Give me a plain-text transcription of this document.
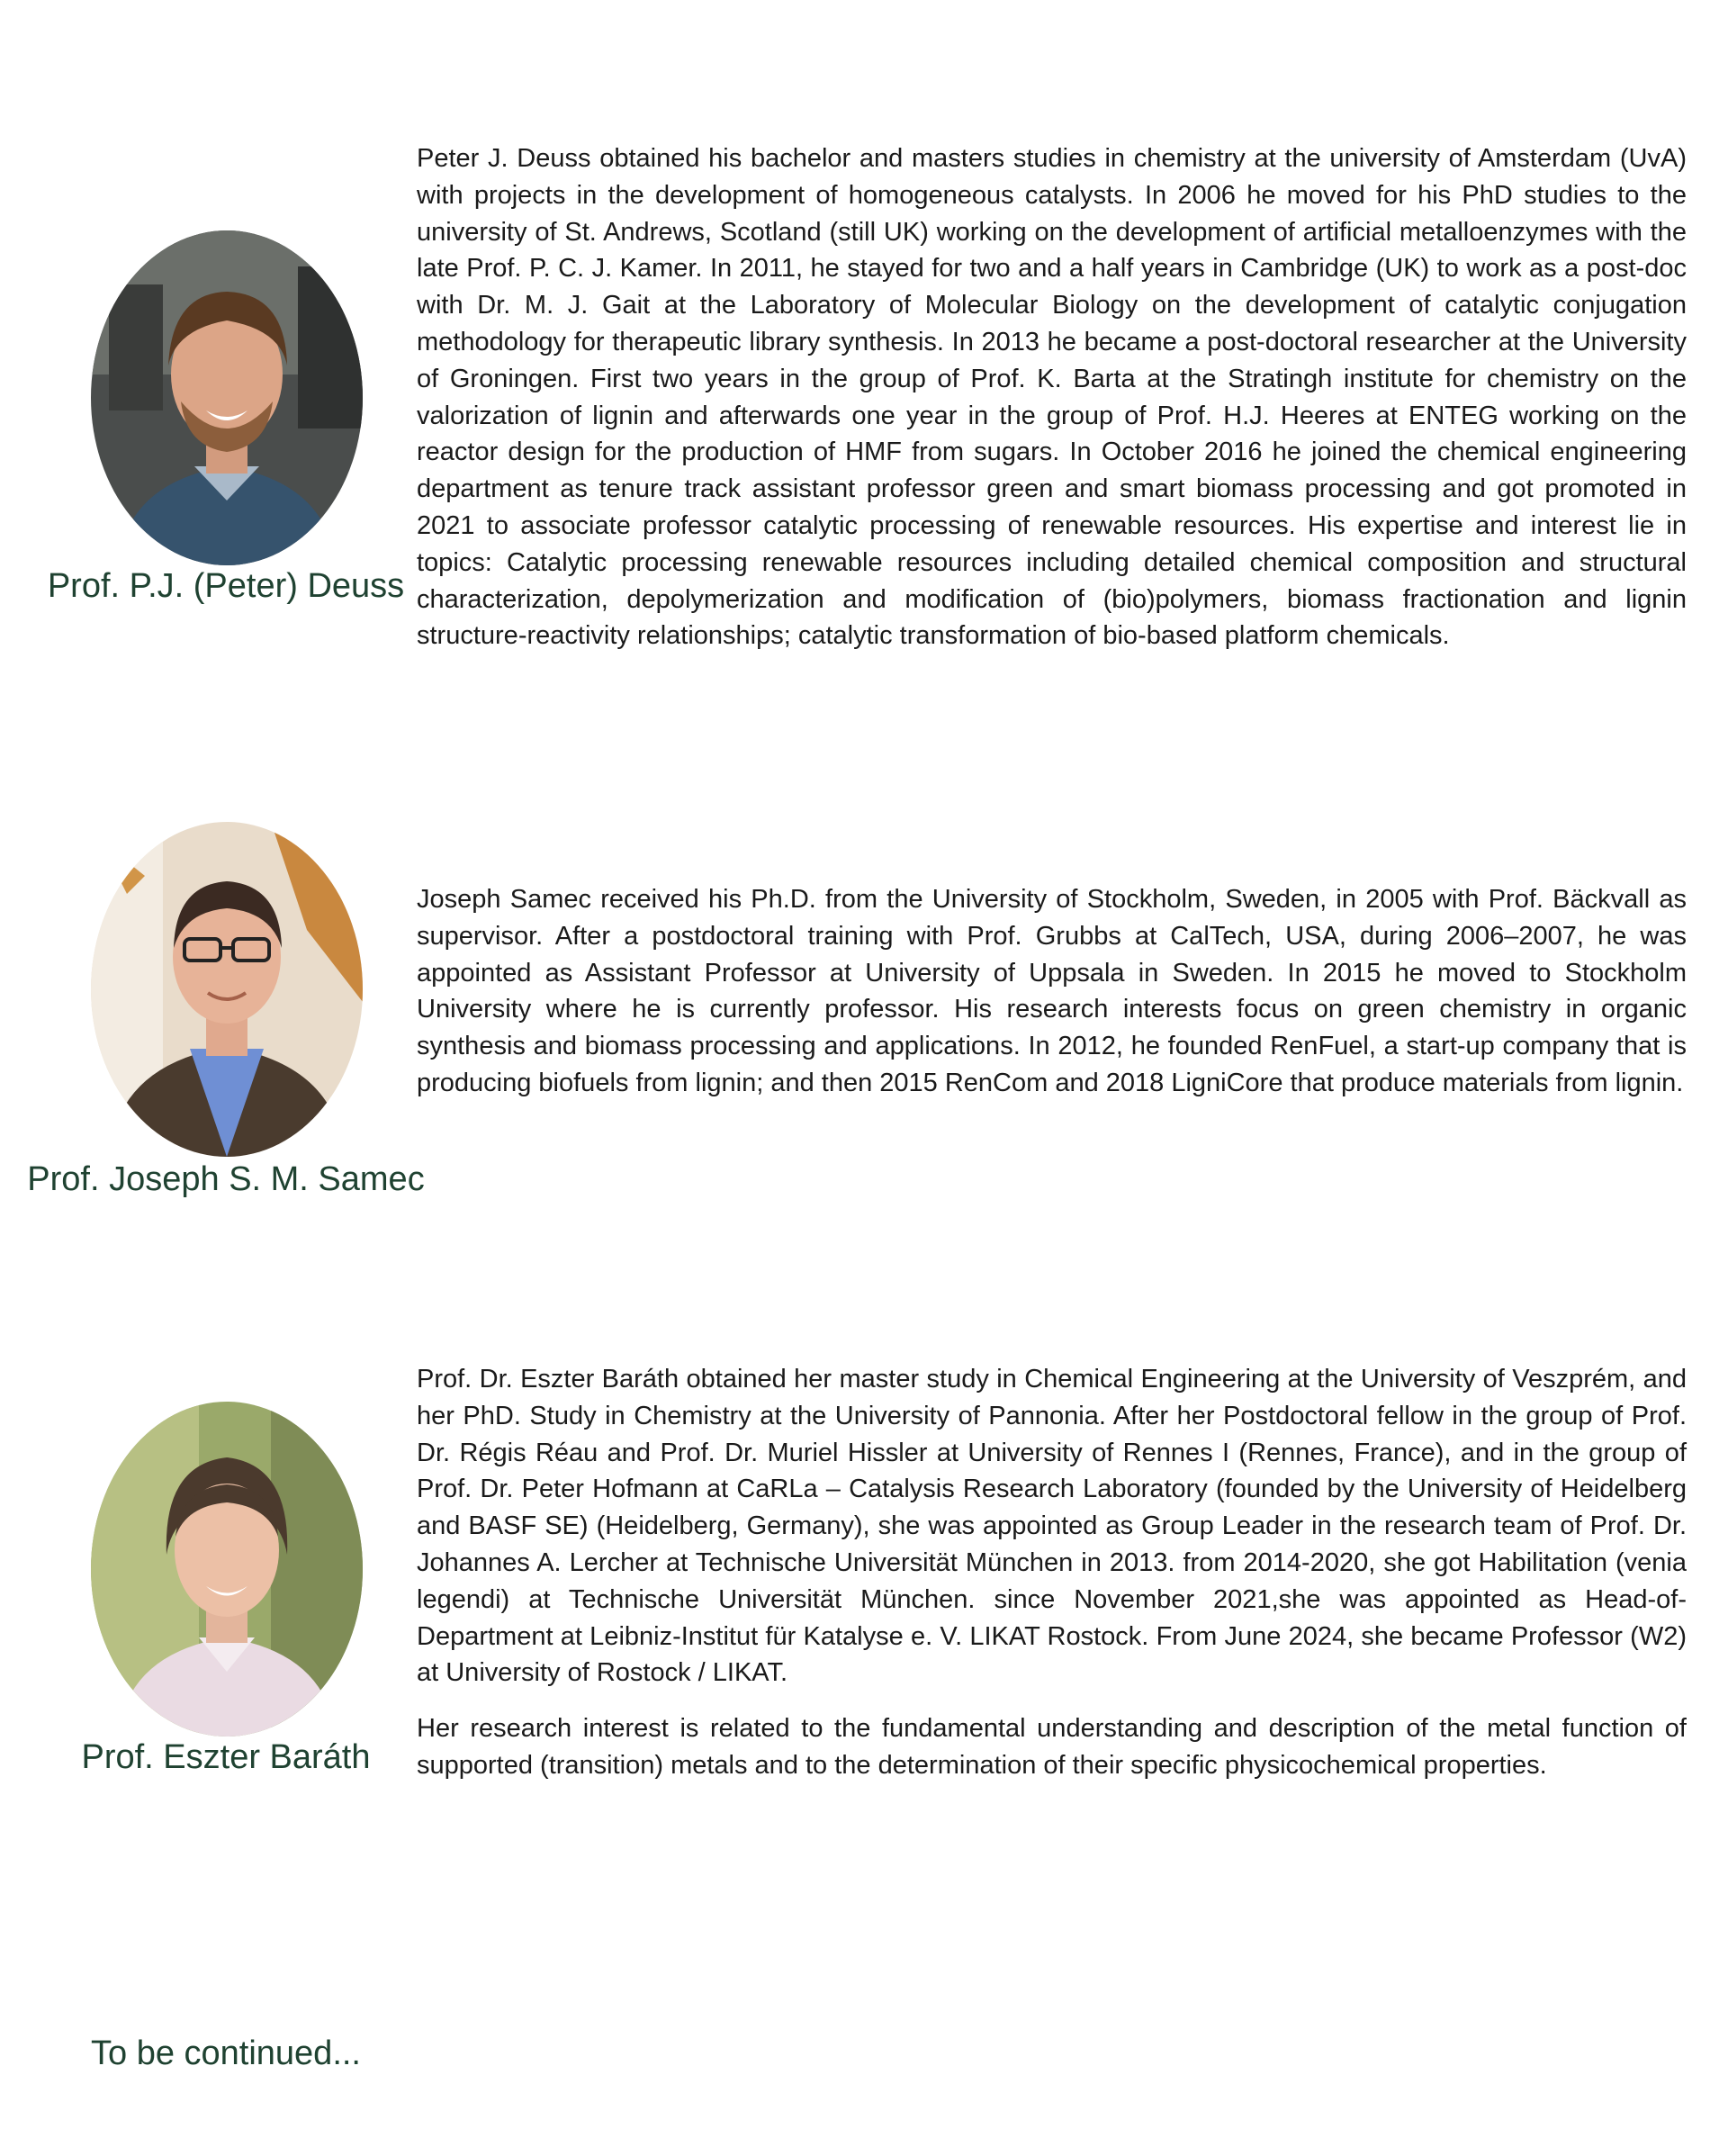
Prof. P.J. (Peter) Deuss

Peter J. Deuss obtained his bachelor and masters studies in chemistry at the university of Amsterdam (UvA) with projects in the development of homogeneous catalysts. In 2006 he moved for his PhD studies to the university of St. Andrews, Scotland (still UK) working on the development of artificial metalloenzymes with the late Prof. P. C. J. Kamer. In 2011, he stayed for two and a half years in Cambridge (UK) to work as a post-doc with Dr. M. J. Gait at the Laboratory of Molecular Biology on the development of catalytic conjugation methodology for therapeutic library synthesis. In 2013 he became a post-doctoral researcher at the University of Groningen. First two years in the group of Prof. K. Barta at the Stratingh institute for chemistry on the valorization of lignin and afterwards one year in the group of Prof. H.J. Heeres at ENTEG working on the reactor design for the production of HMF from sugars. In October 2016 he joined the chemical engineering department as tenure track assistant professor green and smart biomass processing and got promoted in 2021 to associate professor catalytic processing of renewable resources. His expertise and interest lie in topics: Catalytic processing renewable resources including detailed chemical composition and structural characterization, depolymerization and modification of (bio)polymers, biomass fractionation and lignin structure-reactivity relationships; catalytic transformation of bio-based platform chemicals.

Prof. Joseph S. M. Samec

Joseph Samec received his Ph.D. from the University of Stockholm, Sweden, in 2005 with Prof. Bäckvall as supervisor. After a postdoctoral training with Prof. Grubbs at CalTech, USA, during 2006–2007, he was appointed as Assistant Professor at University of Uppsala in Sweden. In 2015 he moved to Stockholm University where he is currently professor. His research interests focus on green chemistry in organic synthesis and biomass processing and applications. In 2012, he founded RenFuel, a start-up company that is producing biofuels from lignin; and then 2015 RenCom and 2018 LigniCore that produce materials from lignin.

Prof. Eszter Baráth

Prof. Dr. Eszter Baráth obtained her master study in Chemical Engineering at the University of Veszprém, and her PhD. Study in Chemistry at the University of Pannonia. After her Postdoctoral fellow in the group of Prof. Dr. Régis Réau and Prof. Dr. Muriel Hissler at University of Rennes I (Rennes, France), and in the group of Prof. Dr. Peter Hofmann at CaRLa – Catalysis Research Laboratory (founded by the University of Heidelberg and BASF SE) (Heidelberg, Germany), she was appointed as Group Leader in the research team of Prof. Dr. Johannes A. Lercher at Technische Universität München in 2013. from 2014-2020, she got Habilitation (venia legendi) at Technische Universität München. since November 2021,she was appointed as Head-of-Department at Leibniz-Institut für Katalyse e. V. LIKAT Rostock. From June 2024, she became Professor (W2) at University of Rostock / LIKAT.

Her research interest is related to the fundamental understanding and description of the metal function of supported (transition) metals and to the determination of their specific physicochemical properties.

To be continued...
